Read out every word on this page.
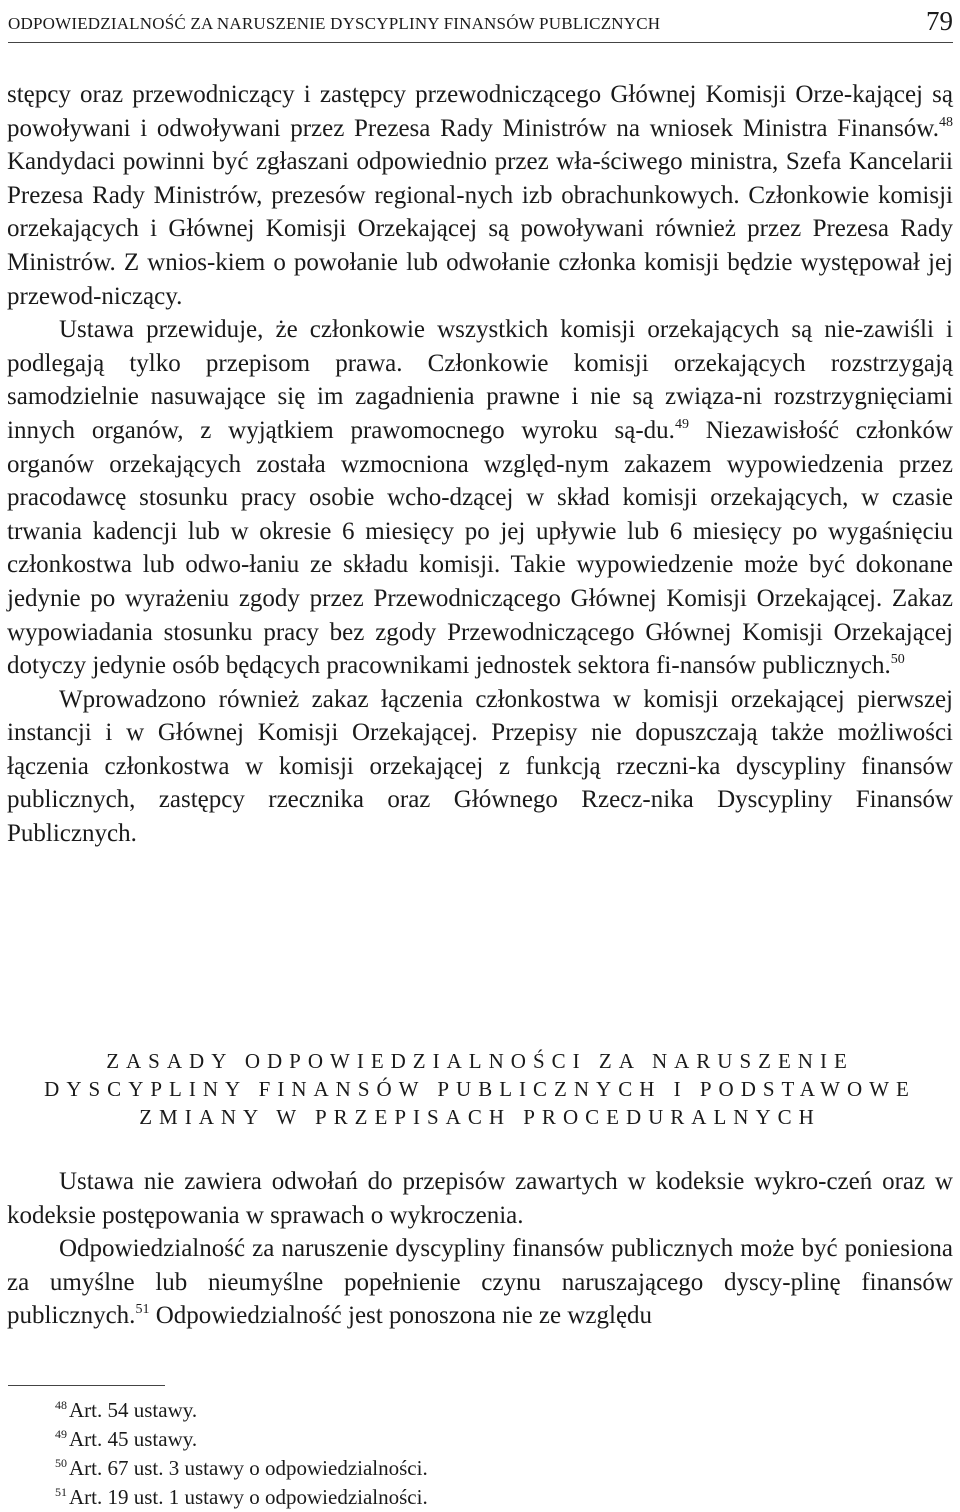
ODPOWIEDZIALNOŚĆ ZA NARUSZENIE DYSCYPLINY FINANSÓW PUBLICZNYCH	79

stępcy oraz przewodniczący i zastępcy przewodniczącego Głównej Komisji Orze-kającej są powoływani i odwoływani przez Prezesa Rady Ministrów na wniosek Ministra Finansów.$^{48}$ Kandydaci powinni być zgłaszani odpowiednio przez wła-ściwego ministra, Szefa Kancelarii Prezesa Rady Ministrów, prezesów regional-nych izb obrachunkowych. Członkowie komisji orzekających i Głównej Komisji Orzekającej są powoływani również przez Prezesa Rady Ministrów. Z wnios-kiem o powołanie lub odwołanie członka komisji będzie występował jej przewod-niczący.

Ustawa przewiduje, że członkowie wszystkich komisji orzekających są nie-zawiśli i podlegają tylko przepisom prawa. Członkowie komisji orzekających rozstrzygają samodzielnie nasuwające się im zagadnienia prawne i nie są związa-ni rozstrzygnięciami innych organów, z wyjątkiem prawomocnego wyroku są-du.$^{49}$ Niezawisłość członków organów orzekających została wzmocniona względ-nym zakazem wypowiedzenia przez pracodawcę stosunku pracy osobie wcho-dzącej w skład komisji orzekających, w czasie trwania kadencji lub w okresie 6 miesięcy po jej upływie lub 6 miesięcy po wygaśnięciu członkostwa lub odwo-łaniu ze składu komisji. Takie wypowiedzenie może być dokonane jedynie po wyrażeniu zgody przez Przewodniczącego Głównej Komisji Orzekającej. Zakaz wypowiadania stosunku pracy bez zgody Przewodniczącego Głównej Komisji Orzekającej dotyczy jedynie osób będących pracownikami jednostek sektora fi-nansów publicznych.$^{50}$

Wprowadzono również zakaz łączenia członkostwa w komisji orzekającej pierwszej instancji i w Głównej Komisji Orzekającej. Przepisy nie dopuszczają także możliwości łączenia członkostwa w komisji orzekającej z funkcją rzeczni-ka dyscypliny finansów publicznych, zastępcy rzecznika oraz Głównego Rzecz-nika Dyscypliny Finansów Publicznych.

ZASADY ODPOWIEDZIALNOŚCI ZA NARUSZENIE
DYSCYPLINY FINANSÓW PUBLICZNYCH I PODSTAWOWE
ZMIANY W PRZEPISACH PROCEDURALNYCH

Ustawa nie zawiera odwołań do przepisów zawartych w kodeksie wykro-czeń oraz w kodeksie postępowania w sprawach o wykroczenia.

Odpowiedzialność za naruszenie dyscypliny finansów publicznych może być poniesiona za umyślne lub nieumyślne popełnienie czynu naruszającego dyscy-plinę finansów publicznych.$^{51}$ Odpowiedzialność jest ponoszona nie ze względu

$^{48}$Art. 54 ustawy.
$^{49}$Art. 45 ustawy.
$^{50}$Art. 67 ust. 3 ustawy o odpowiedzialności.
$^{51}$Art. 19 ust. 1 ustawy o odpowiedzialności.
